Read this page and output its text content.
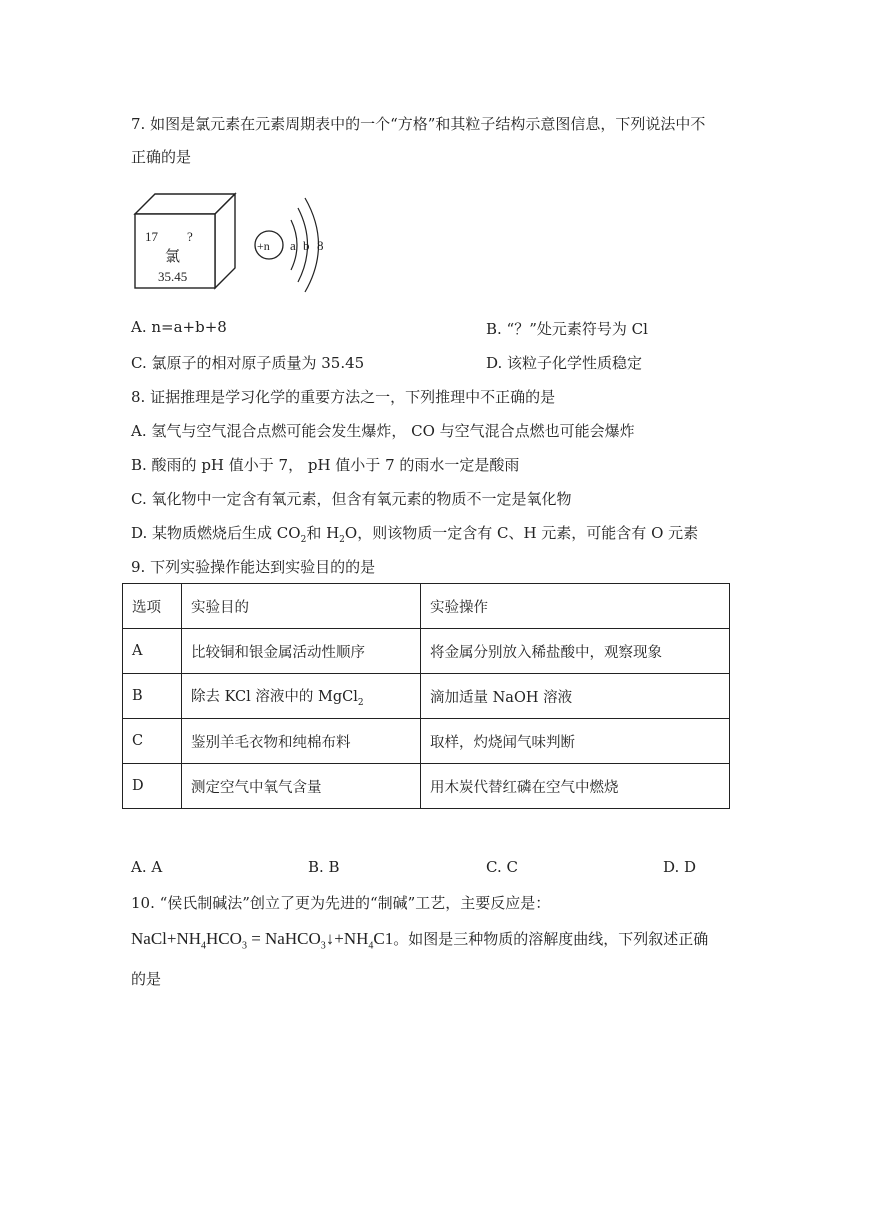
7. 如图是氯元素在元素周期表中的一个“方格”和其粒子结构示意图信息，下列说法中不
正确的是
17 ?
氯
35.45
+n a b 8
A. n=a+b+8	B. “？”处元素符号为 Cl
C. 氯原子的相对原子质量为 35.45	D. 该粒子化学性质稳定
8. 证据推理是学习化学的重要方法之一，下列推理中不正确的是
A. 氢气与空气混合点燃可能会发生爆炸， CO 与空气混合点燃也可能会爆炸
B. 酸雨的 pH 值小于 7， pH 值小于 7 的雨水一定是酸雨
C. 氧化物中一定含有氧元素，但含有氧元素的物质不一定是氧化物
D. 某物质燃烧后生成 $CO_2$和 $H_2O$，则该物质一定含有 C、H 元素，可能含有 O 元素
9. 下列实验操作能达到实验目的的是
选项	实验目的	实验操作
A	比较铜和银金属活动性顺序	将金属分别放入稀盐酸中，观察现象
B	除去 KCl 溶液中的 MgCl$_2$	滴加适量 NaOH 溶液
C	鉴别羊毛衣物和纯棉布料	取样，灼烧闻气味判断
D	测定空气中氧气含量	用木炭代替红磷在空气中燃烧
A. A	B. B	C. C	D. D
10. “侯氏制碱法”创立了更为先进的“制碱”工艺，主要反应是：
$NaCl+NH_4HCO_3$ = $NaHCO_3↓+NH_4C1$。如图是三种物质的溶解度曲线，下列叙述正确
的是
